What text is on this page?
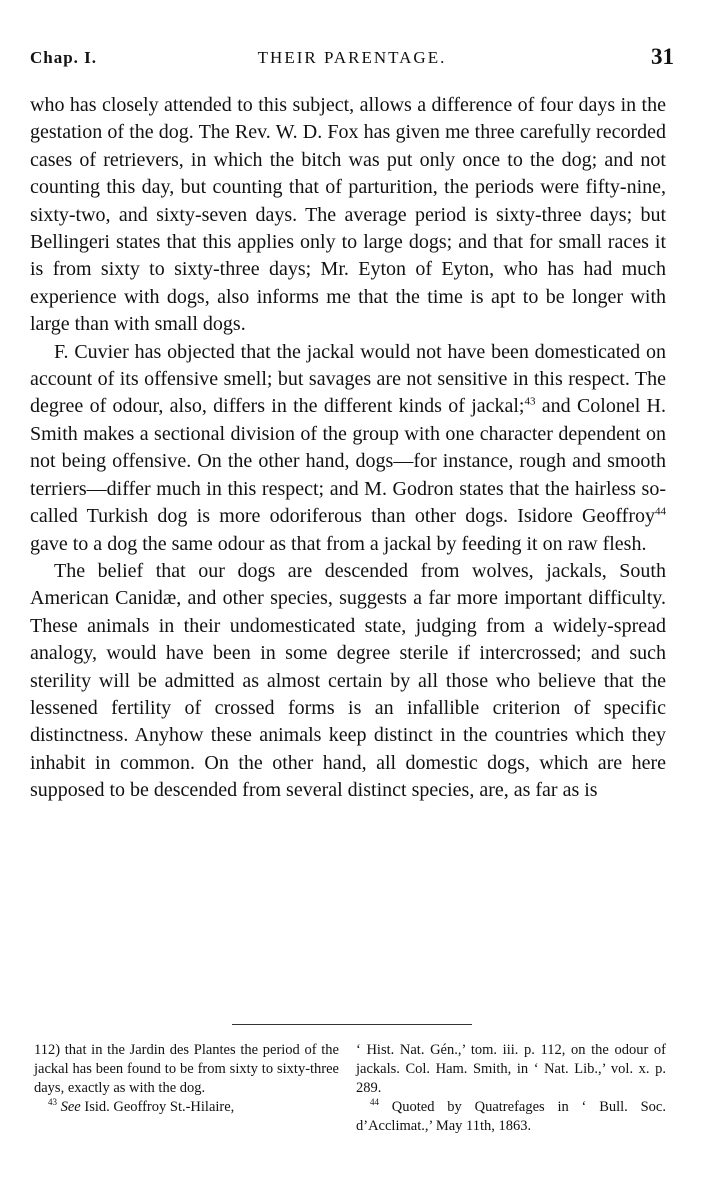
Chap. I.	THEIR PARENTAGE.	31

who has closely attended to this subject, allows a difference of four days in the gestation of the dog. The Rev. W. D. Fox has given me three carefully recorded cases of retrievers, in which the bitch was put only once to the dog; and not counting this day, but counting that of parturition, the periods were fifty-nine, sixty-two, and sixty-seven days. The average period is sixty-three days; but Bellingeri states that this applies only to large dogs; and that for small races it is from sixty to sixty-three days; Mr. Eyton of Eyton, who has had much experience with dogs, also informs me that the time is apt to be longer with large than with small dogs.

F. Cuvier has objected that the jackal would not have been domesticated on account of its offensive smell; but savages are not sensitive in this respect. The degree of odour, also, differs in the different kinds of jackal;$^{43}$ and Colonel H. Smith makes a sectional division of the group with one character dependent on not being offensive. On the other hand, dogs—for instance, rough and smooth terriers—differ much in this respect; and M. Godron states that the hairless so-called Turkish dog is more odoriferous than other dogs. Isidore Geoffroy$^{44}$ gave to a dog the same odour as that from a jackal by feeding it on raw flesh.

The belief that our dogs are descended from wolves, jackals, South American Canidæ, and other species, suggests a far more important difficulty. These animals in their undomesticated state, judging from a widely-spread analogy, would have been in some degree sterile if intercrossed; and such sterility will be admitted as almost certain by all those who believe that the lessened fertility of crossed forms is an infallible criterion of specific distinctness. Anyhow these animals keep distinct in the countries which they inhabit in common. On the other hand, all domestic dogs, which are here supposed to be descended from several distinct species, are, as far as is

112) that in the Jardin des Plantes the period of the jackal has been found to be from sixty to sixty-three days, exactly as with the dog.

$^{43}$ See Isid. Geoffroy St.-Hilaire,

‘ Hist. Nat. Gén.,’ tom. iii. p. 112, on the odour of jackals. Col. Ham. Smith, in ‘ Nat. Lib.,’ vol. x. p. 289.

$^{44}$ Quoted by Quatrefages in ‘ Bull. Soc. d’Acclimat.,’ May 11th, 1863.
